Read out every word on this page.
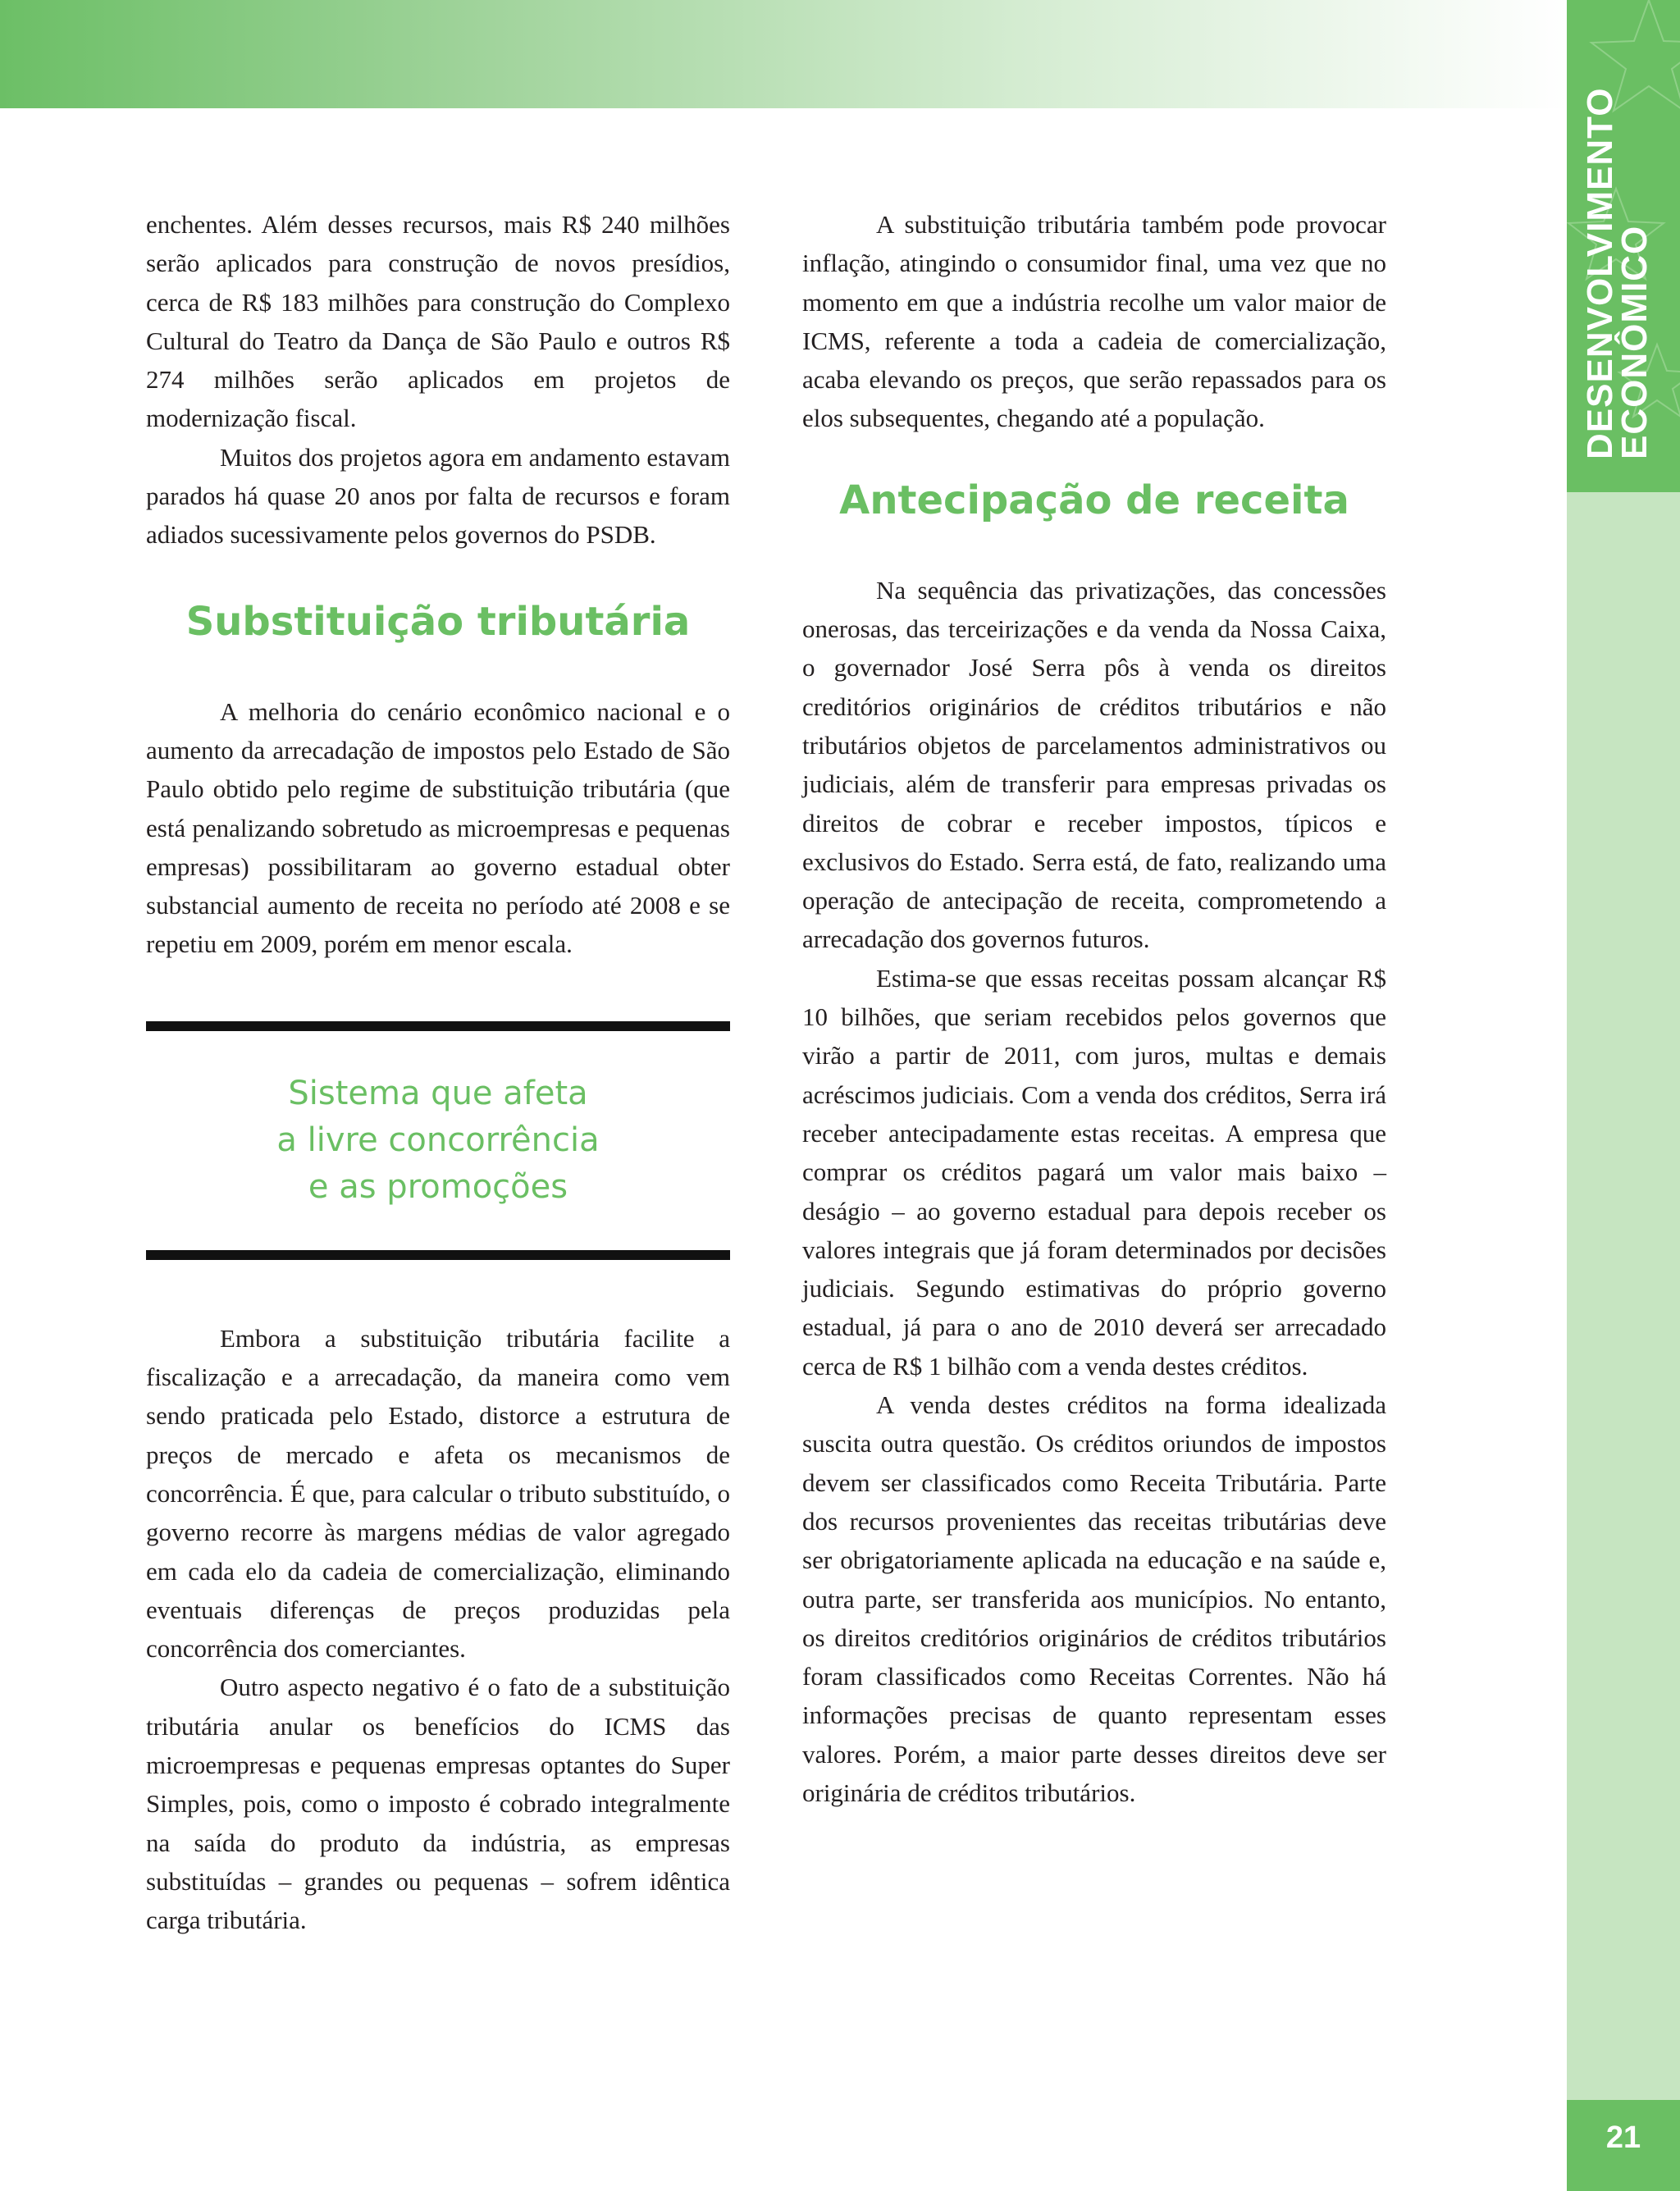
DESENVOLVIMENTO
ECONÔMICO
21

enchentes. Além desses recursos, mais R$ 240 milhões serão aplicados para construção de novos presídios, cerca de R$ 183 milhões para construção do Complexo Cultural do Teatro da Dança de São Paulo e outros R$ 274 milhões serão aplicados em projetos de modernização fiscal.

Muitos dos projetos agora em andamento estavam parados há quase 20 anos por falta de recursos e foram adiados sucessivamente pelos governos do PSDB.

Substituição tributária

A melhoria do cenário econômico nacional e o aumento da arrecadação de impostos pelo Estado de São Paulo obtido pelo regime de substituição tributária (que está penalizando sobretudo as microempresas e pequenas empresas) possibilitaram ao governo estadual obter substancial aumento de receita no período até 2008 e se repetiu em 2009, porém em menor escala.

Sistema que afeta
a livre concorrência
e as promoções

Embora a substituição tributária facilite a fiscalização e a arrecadação, da maneira como vem sendo praticada pelo Estado, distorce a estrutura de preços de mercado e afeta os mecanismos de concorrência. É que, para calcular o tributo substituído, o governo recorre às margens médias de valor agregado em cada elo da cadeia de comercialização, eliminando eventuais diferenças de preços produzidas pela concorrência dos comerciantes.

Outro aspecto negativo é o fato de a substituição tributária anular os benefícios do ICMS das microempresas e pequenas empresas optantes do Super Simples, pois, como o imposto é cobrado integralmente na saída do produto da indústria, as empresas substituídas – grandes ou pequenas – sofrem idêntica carga tributária.

A substituição tributária também pode provocar inflação, atingindo o consumidor final, uma vez que no momento em que a indústria recolhe um valor maior de ICMS, referente a toda a cadeia de comercialização, acaba elevando os preços, que serão repassados para os elos subsequentes, chegando até a população.

Antecipação de receita

Na sequência das privatizações, das concessões onerosas, das terceirizações e da venda da Nossa Caixa, o governador José Serra pôs à venda os direitos creditórios originários de créditos tributários e não tributários objetos de parcelamentos administrativos ou judiciais, além de transferir para empresas privadas os direitos de cobrar e receber impostos, típicos e exclusivos do Estado. Serra está, de fato, realizando uma operação de antecipação de receita, comprometendo a arrecadação dos governos futuros.

Estima-se que essas receitas possam alcançar R$ 10 bilhões, que seriam recebidos pelos governos que virão a partir de 2011, com juros, multas e demais acréscimos judiciais. Com a venda dos créditos, Serra irá receber antecipadamente estas receitas. A empresa que comprar os créditos pagará um valor mais baixo – deságio – ao governo estadual para depois receber os valores integrais que já foram determinados por decisões judiciais. Segundo estimativas do próprio governo estadual, já para o ano de 2010 deverá ser arrecadado cerca de R$ 1 bilhão com a venda destes créditos.

A venda destes créditos na forma idealizada suscita outra questão. Os créditos oriundos de impostos devem ser classificados como Receita Tributária. Parte dos recursos provenientes das receitas tributárias deve ser obrigatoriamente aplicada na educação e na saúde e, outra parte, ser transferida aos municípios. No entanto, os direitos creditórios originários de créditos tributários foram classificados como Receitas Correntes. Não há informações precisas de quanto representam esses valores. Porém, a maior parte desses direitos deve ser originária de créditos tributários.
